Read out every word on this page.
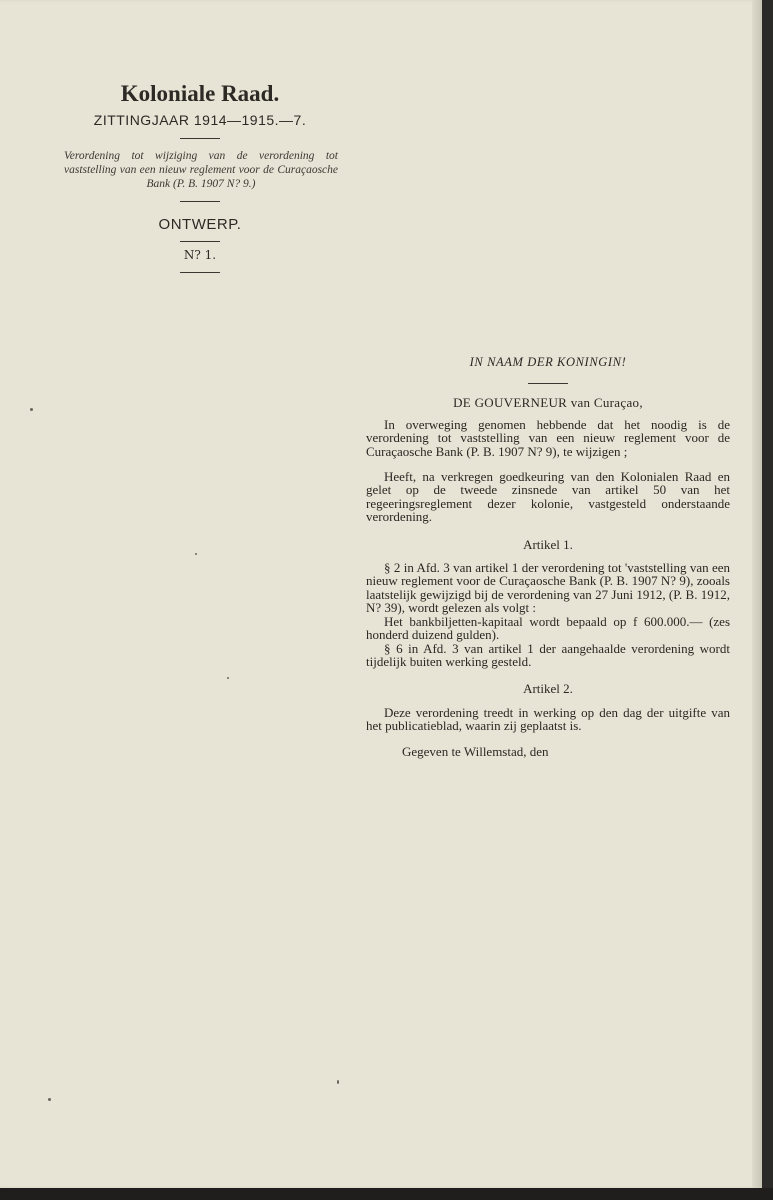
Koloniale Raad.
ZITTINGJAAR 1914—1915.—7.
Verordening tot wijziging van de verordening tot vaststelling van een nieuw reglement voor de Curaçaosche Bank (P. B. 1907 N? 9.)
ONTWERP.
N? 1.
IN NAAM DER KONINGIN!
DE GOUVERNEUR van Curaçao,

In overweging genomen hebbende dat het noodig is de verordening tot vaststelling van een nieuw reglement voor de Curaçaosche Bank (P. B. 1907 N? 9), te wijzigen ;

Heeft, na verkregen goedkeuring van den Kolonialen Raad en gelet op de tweede zinsnede van artikel 50 van het regeeringsreglement dezer kolonie, vastgesteld onderstaande verordening.

Artikel 1.

§ 2 in Afd. 3 van artikel 1 der verordening tot 'vaststelling van een nieuw reglement voor de Curaçaosche Bank (P. B. 1907 N? 9), zooals laatstelijk gewijzigd bij de verordening van 27 Juni 1912, (P. B. 1912, N? 39), wordt gelezen als volgt :

Het bankbiljetten-kapitaal wordt bepaald op f 600.000.— (zes honderd duizend gulden).

§ 6 in Afd. 3 van artikel 1 der aangehaalde verordening wordt tijdelijk buiten werking gesteld.

Artikel 2.

Deze verordening treedt in werking op den dag der uitgifte van het publicatieblad, waarin zij geplaatst is.

Gegeven te Willemstad, den
